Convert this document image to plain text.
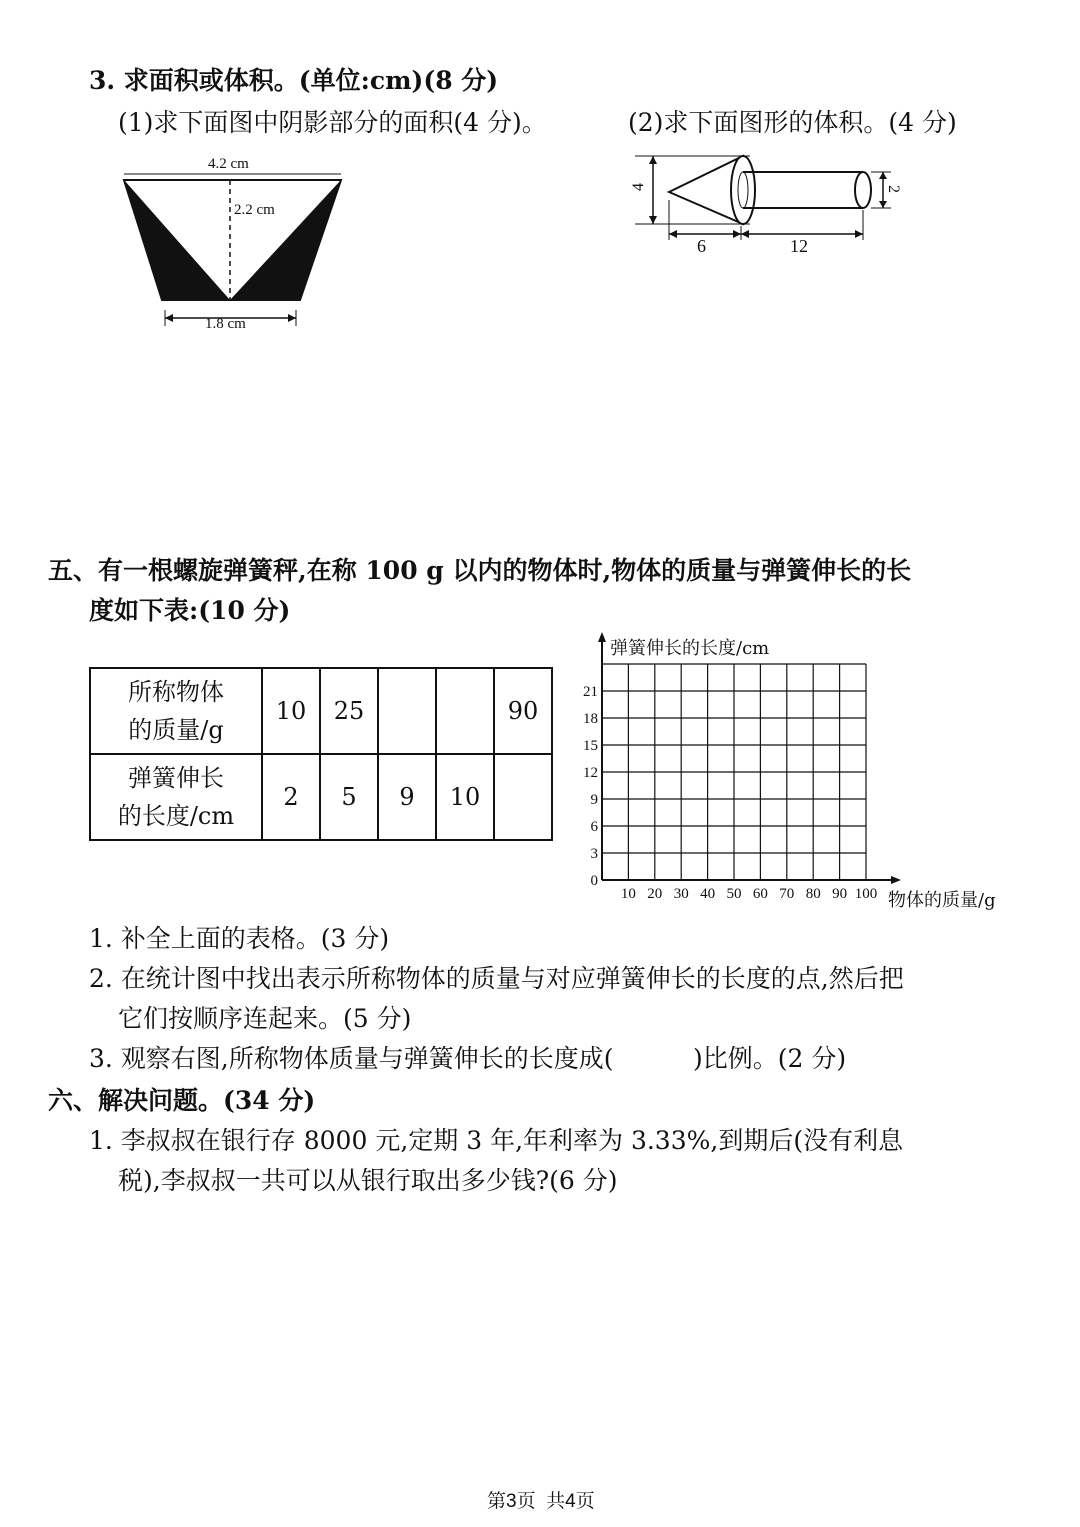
3. 求面积或体积。(单位:cm)(8 分)
(1)求下面图中阴影部分的面积(4 分)。	(2)求下面图形的体积。(4 分)
4.2 cm
2.2 cm
1.8 cm
4	2
6	12
五、有一根螺旋弹簧秤,在称 100 g 以内的物体时,物体的质量与弹簧伸长的长
度如下表:(10 分)
所称物体
的质量/g	10	25			90

弹簧伸长
的长度/cm	2	5	9	10	
0
3
6
9
12
15
18
21
10 20 30 40 50 60 70 80 90 100
弹簧伸长的长度/cm
物体的质量/g
1. 补全上面的表格。(3 分)
2. 在统计图中找出表示所称物体的质量与对应弹簧伸长的长度的点,然后把
它们按顺序连起来。(5 分)
3. 观察右图,所称物体质量与弹簧伸长的长度成(          )比例。(2 分)
六、解决问题。(34 分)
1. 李叔叔在银行存 8000 元,定期 3 年,年利率为 3.33%,到期后(没有利息
税),李叔叔一共可以从银行取出多少钱?(6 分)
第3页  共4页
